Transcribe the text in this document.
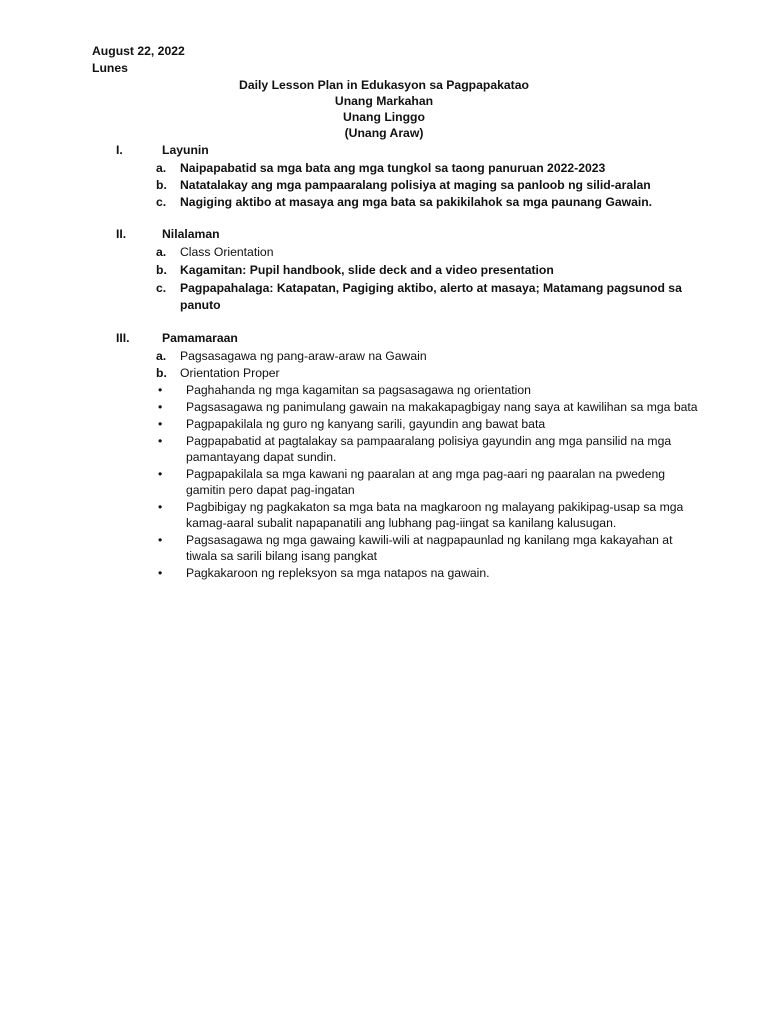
August 22, 2022
Lunes
Daily Lesson Plan in Edukasyon sa Pagpapakatao
Unang Markahan
Unang Linggo
(Unang Araw)
I.	Layunin
a. Naipapabatid sa mga bata ang mga tungkol sa taong panuruan 2022-2023
b. Natatalakay ang mga pampaaralang polisiya at maging sa panloob ng silid-aralan
c. Nagiging aktibo at masaya ang mga bata sa pakikilahok sa mga paunang Gawain.
II.	Nilalaman
a. Class Orientation
b. Kagamitan: Pupil handbook, slide deck and a video presentation
c. Pagpapahalaga: Katapatan, Pagiging aktibo, alerto at masaya; Matamang pagsunod sa
panuto
III.	Pamamaraan
a. Pagsasagawa ng pang-araw-araw na Gawain
b. Orientation Proper
• Paghahanda ng mga kagamitan sa pagsasagawa ng orientation
• Pagsasagawa ng panimulang gawain na makakapagbigay nang saya at kawilihan sa mga bata
• Pagpapakilala ng guro ng kanyang sarili, gayundin ang bawat bata
• Pagpapabatid at pagtalakay sa pampaaralang polisiya gayundin ang mga pansilid na mga
pamantayang dapat sundin.
• Pagpapakilala sa mga kawani ng paaralan at ang mga pag-aari ng paaralan na pwedeng
gamitin pero dapat pag-ingatan
• Pagbibigay ng pagkakaton sa mga bata na magkaroon ng malayang pakikipag-usap sa mga
kamag-aaral subalit napapanatili ang lubhang pag-iingat sa kanilang kalusugan.
• Pagsasagawa ng mga gawaing kawili-wili at nagpapaunlad ng kanilang mga kakayahan at
tiwala sa sarili bilang isang pangkat
• Pagkakaroon ng repleksyon sa mga natapos na gawain.
